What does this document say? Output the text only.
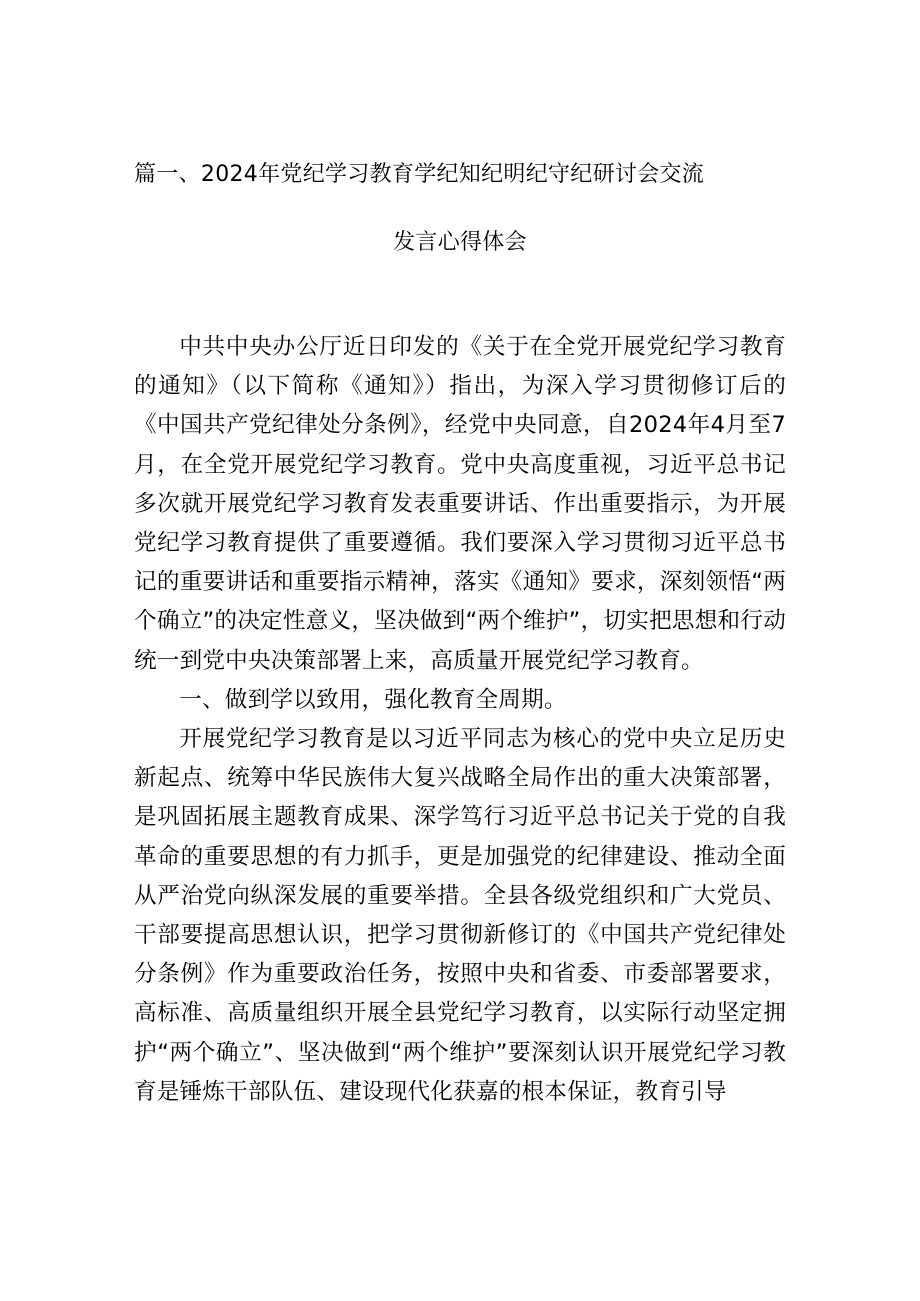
篇一、2024年党纪学习教育学纪知纪明纪守纪研讨会交流
发言心得体会

中共中央办公厅近日印发的《关于在全党开展党纪学习教育的通知》（以下简称《通知》）指出，为深入学习贯彻修订后的《中国共产党纪律处分条例》，经党中央同意，自2024年4月至7月，在全党开展党纪学习教育。党中央高度重视，习近平总书记多次就开展党纪学习教育发表重要讲话、作出重要指示，为开展党纪学习教育提供了重要遵循。我们要深入学习贯彻习近平总书记的重要讲话和重要指示精神，落实《通知》要求，深刻领悟“两个确立”的决定性意义，坚决做到“两个维护”，切实把思想和行动统一到党中央决策部署上来，高质量开展党纪学习教育。

一、做到学以致用，强化教育全周期。

开展党纪学习教育是以习近平同志为核心的党中央立足历史新起点、统筹中华民族伟大复兴战略全局作出的重大决策部署，是巩固拓展主题教育成果、深学笃行习近平总书记关于党的自我革命的重要思想的有力抓手，更是加强党的纪律建设、推动全面从严治党向纵深发展的重要举措。全县各级党组织和广大党员、干部要提高思想认识，把学习贯彻新修订的《中国共产党纪律处分条例》作为重要政治任务，按照中央和省委、市委部署要求，高标准、高质量组织开展全县党纪学习教育，以实际行动坚定拥护“两个确立”、坚决做到“两个维护”要深刻认识开展党纪学习教育是锤炼干部队伍、建设现代化获嘉的根本保证，教育引导
